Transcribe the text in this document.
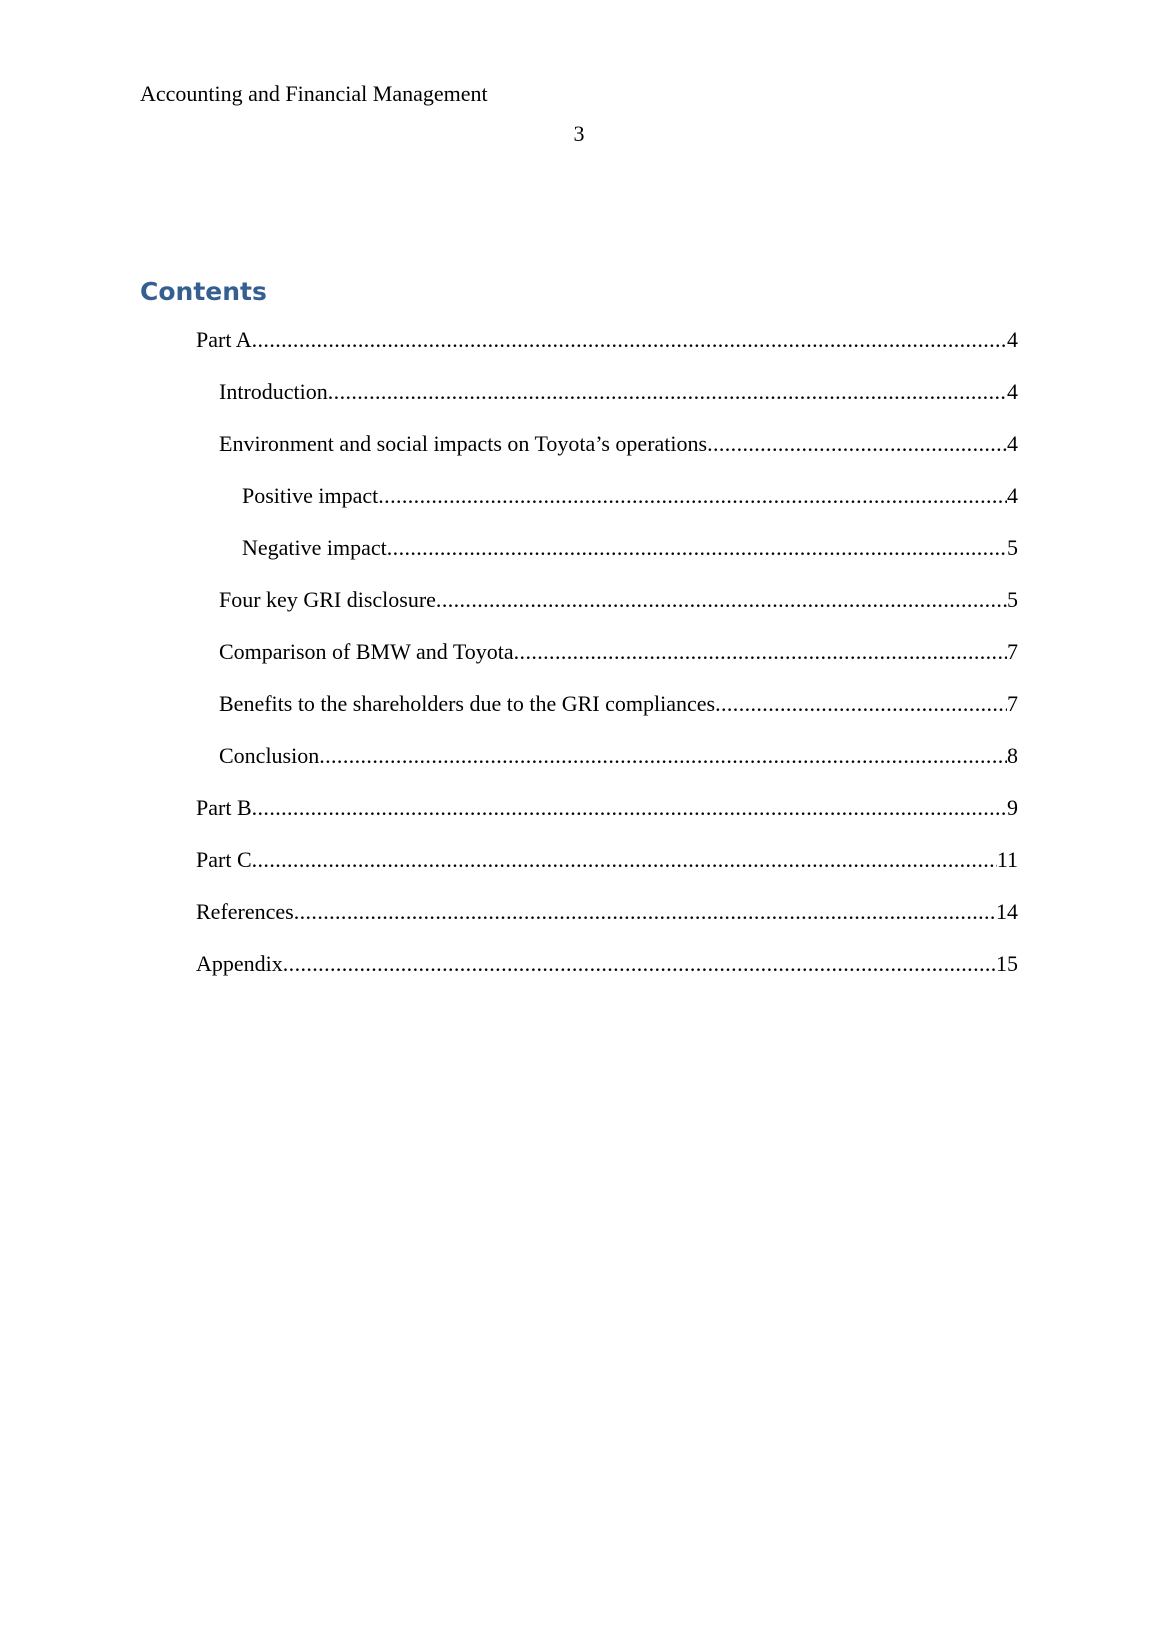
Accounting and Financial Management
3
Contents
Part A .....	4
Introduction .....	4
Environment and social impacts on Toyota’s operations .....	4
Positive impact .....	4
Negative impact .....	5
Four key GRI disclosure .....	5
Comparison of BMW and Toyota .....	7
Benefits to the shareholders due to the GRI compliances .....	7
Conclusion .....	8
Part B .....	9
Part C .....	11
References .....	14
Appendix .....	15
